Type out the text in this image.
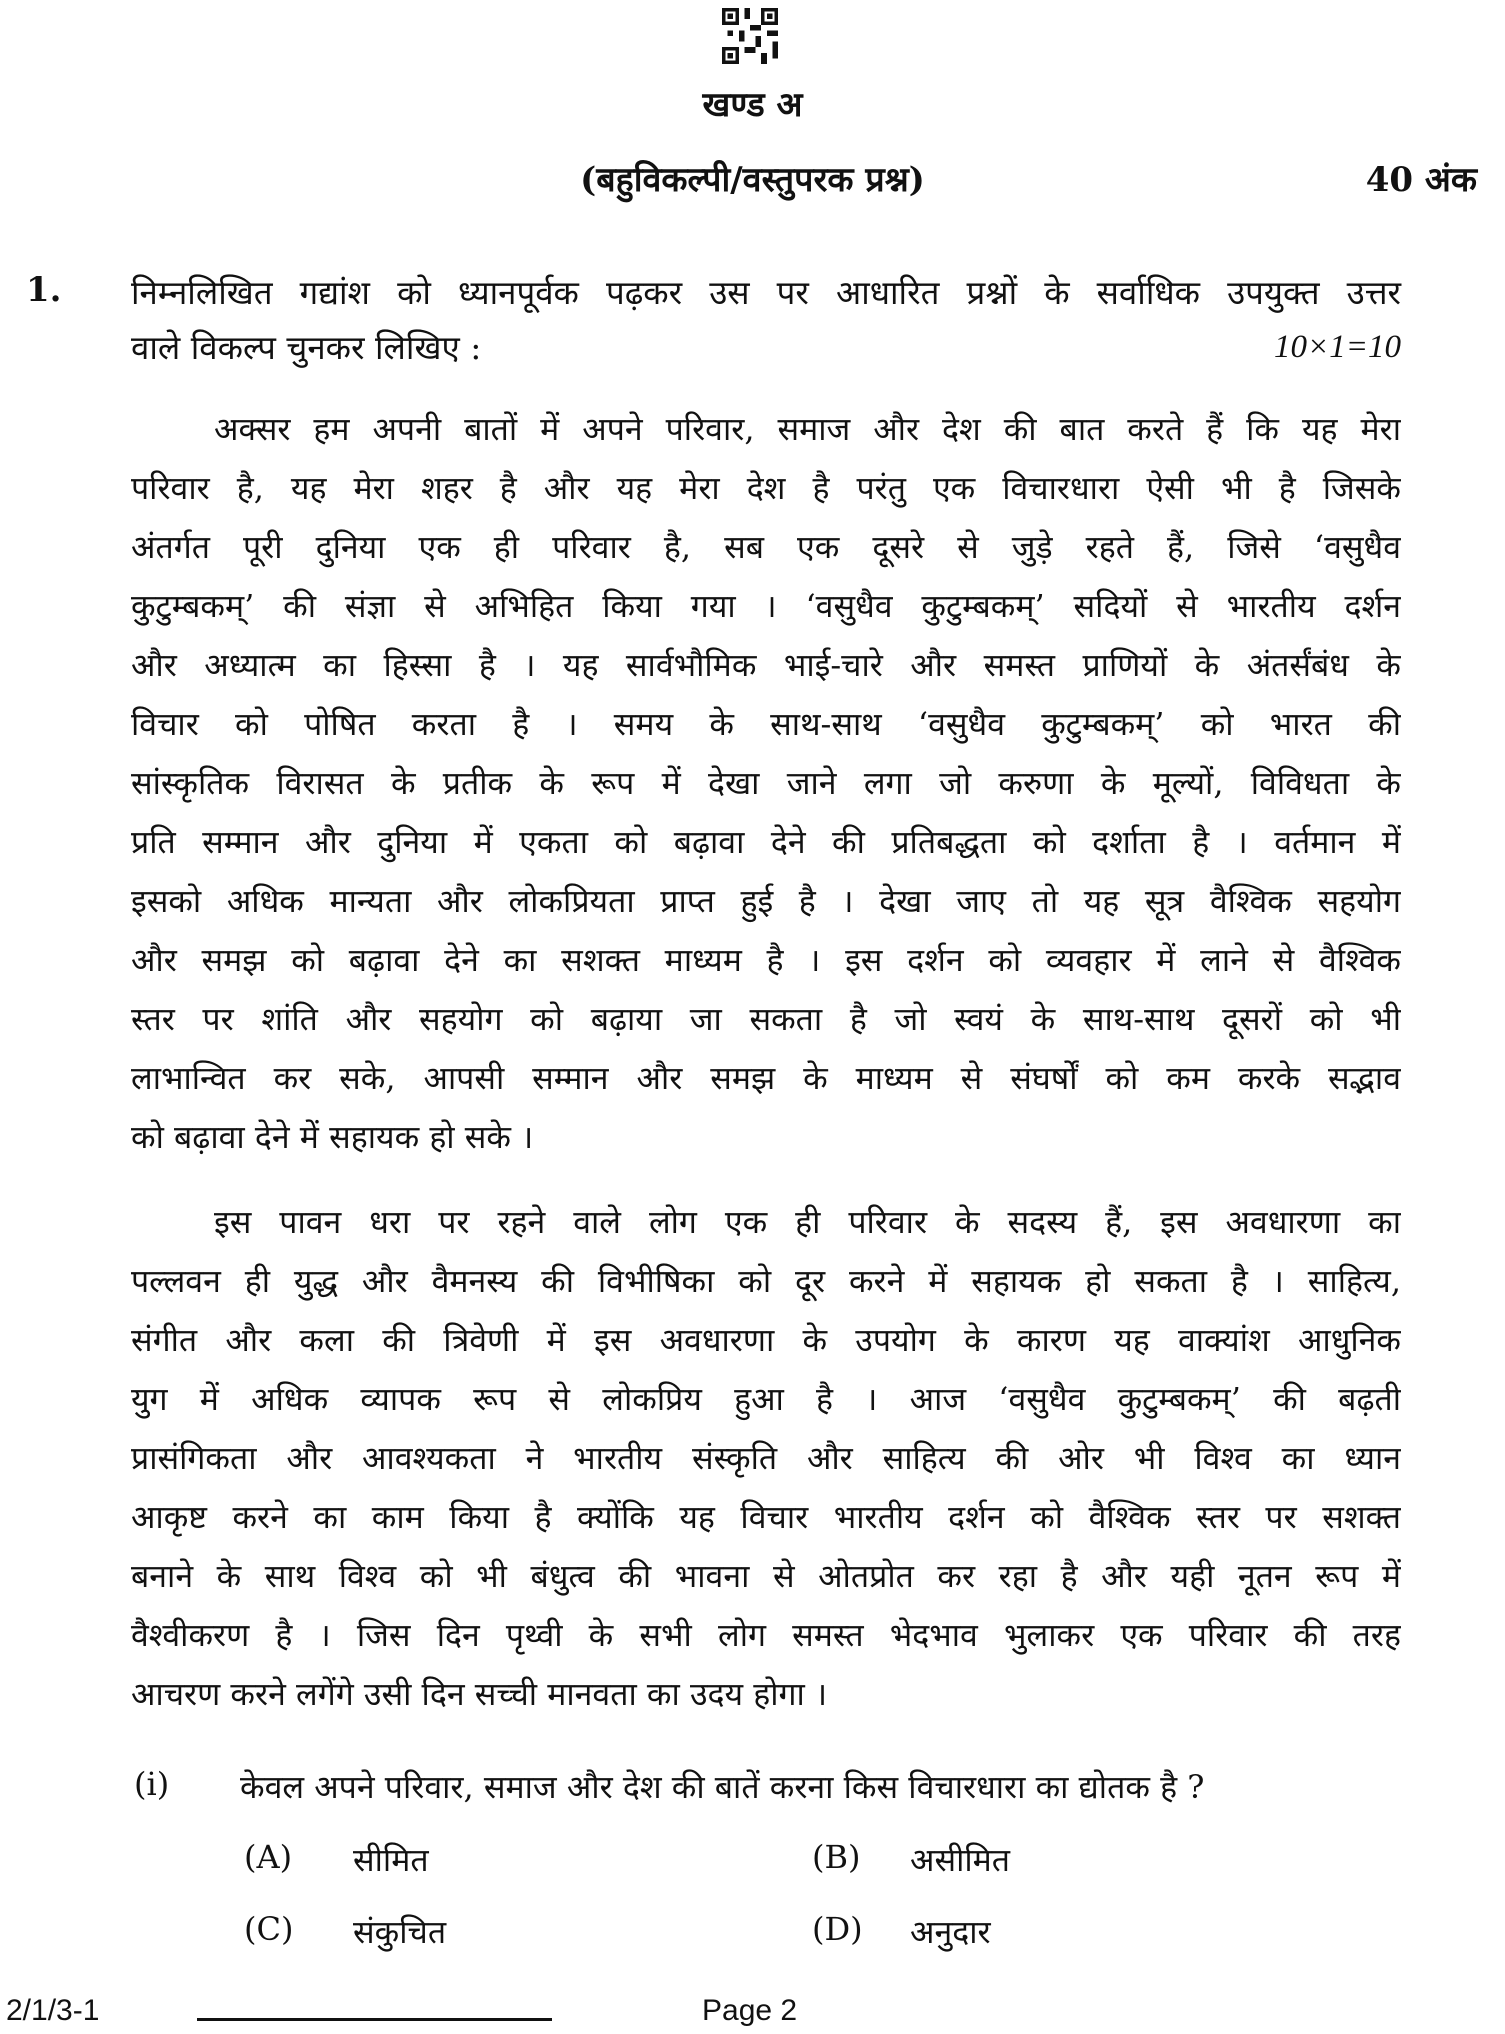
खण्ड अ
(बहुविकल्पी/वस्तुपरक प्रश्न)	40 अंक
1. निम्नलिखित गद्यांश को ध्यानपूर्वक पढ़कर उस पर आधारित प्रश्नों के सर्वाधिक उपयुक्त उत्तर
वाले विकल्प चुनकर लिखिए :	10×1=10
अक्सर हम अपनी बातों में अपने परिवार, समाज और देश की बात करते हैं कि यह मेरा
परिवार है, यह मेरा शहर है और यह मेरा देश है परंतु एक विचारधारा ऐसी भी है जिसके
अंतर्गत पूरी दुनिया एक ही परिवार है, सब एक दूसरे से जुड़े रहते हैं, जिसे ‘वसुधैव
कुटुम्बकम्’ की संज्ञा से अभिहित किया गया । ‘वसुधैव कुटुम्बकम्’ सदियों से भारतीय दर्शन
और अध्यात्म का हिस्सा है । यह सार्वभौमिक भाई-चारे और समस्त प्राणियों के अंतर्संबंध के
विचार को पोषित करता है । समय के साथ-साथ ‘वसुधैव कुटुम्बकम्’ को भारत की
सांस्कृतिक विरासत के प्रतीक के रूप में देखा जाने लगा जो करुणा के मूल्यों, विविधता के
प्रति सम्मान और दुनिया में एकता को बढ़ावा देने की प्रतिबद्धता को दर्शाता है । वर्तमान में
इसको अधिक मान्यता और लोकप्रियता प्राप्त हुई है । देखा जाए तो यह सूत्र वैश्विक सहयोग
और समझ को बढ़ावा देने का सशक्त माध्यम है । इस दर्शन को व्यवहार में लाने से वैश्विक
स्तर पर शांति और सहयोग को बढ़ाया जा सकता है जो स्वयं के साथ-साथ दूसरों को भी
लाभान्वित कर सके, आपसी सम्मान और समझ के माध्यम से संघर्षों को कम करके सद्भाव
को बढ़ावा देने में सहायक हो सके ।
इस पावन धरा पर रहने वाले लोग एक ही परिवार के सदस्य हैं, इस अवधारणा का
पल्लवन ही युद्ध और वैमनस्य की विभीषिका को दूर करने में सहायक हो सकता है । साहित्य,
संगीत और कला की त्रिवेणी में इस अवधारणा के उपयोग के कारण यह वाक्यांश आधुनिक
युग में अधिक व्यापक रूप से लोकप्रिय हुआ है । आज ‘वसुधैव कुटुम्बकम्’ की बढ़ती
प्रासंगिकता और आवश्यकता ने भारतीय संस्कृति और साहित्य की ओर भी विश्व का ध्यान
आकृष्ट करने का काम किया है क्योंकि यह विचार भारतीय दर्शन को वैश्विक स्तर पर सशक्त
बनाने के साथ विश्व को भी बंधुत्व की भावना से ओतप्रोत कर रहा है और यही नूतन रूप में
वैश्वीकरण है । जिस दिन पृथ्वी के सभी लोग समस्त भेदभाव भुलाकर एक परिवार की तरह
आचरण करने लगेंगे उसी दिन सच्ची मानवता का उदय होगा ।
(i) केवल अपने परिवार, समाज और देश की बातें करना किस विचारधारा का द्योतक है ?
(A) सीमित	(B) असीमित
(C) संकुचित	(D) अनुदार
2/1/3-1	Page 2
